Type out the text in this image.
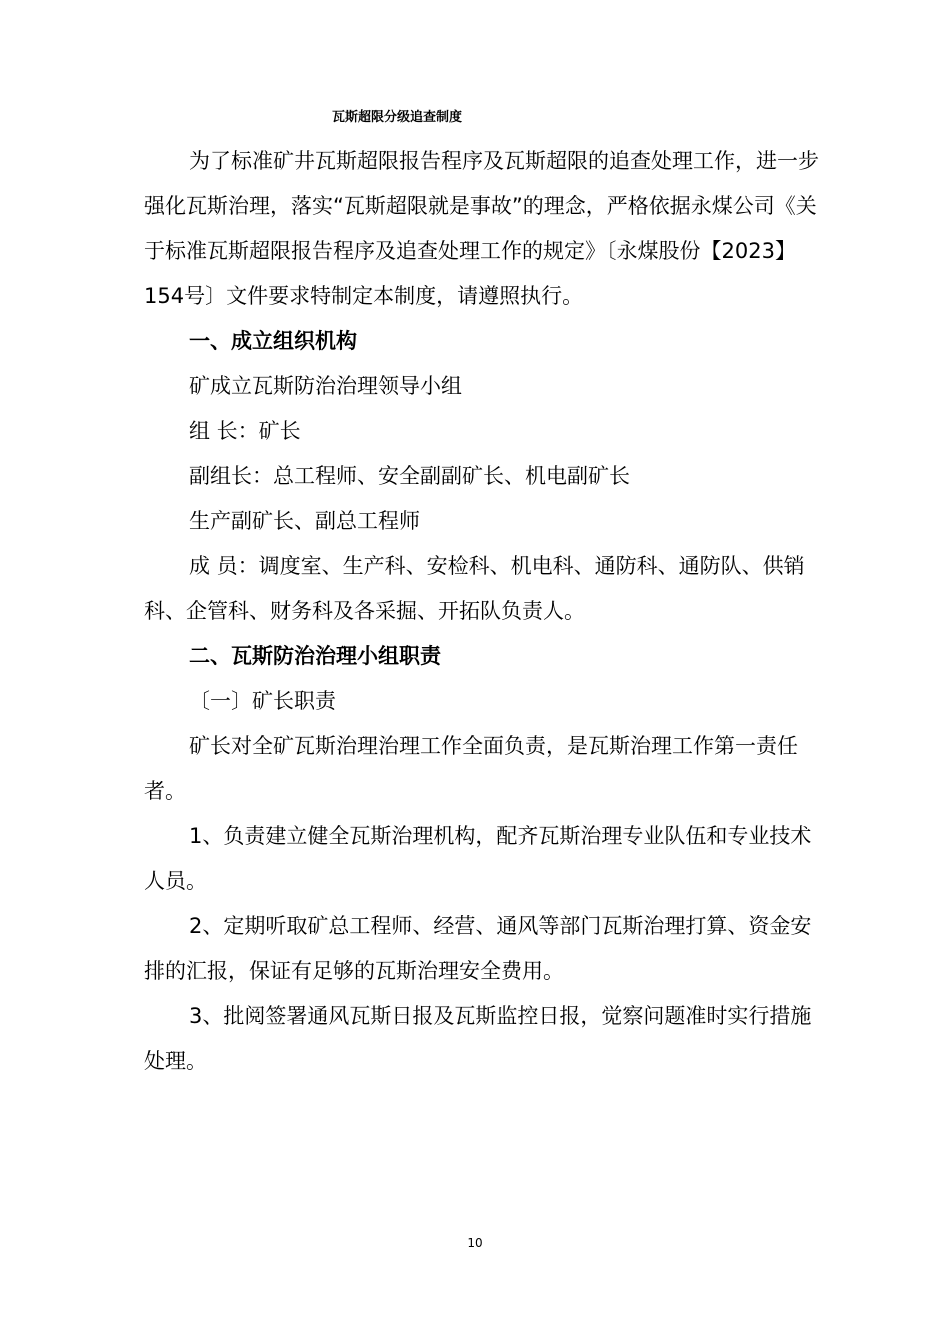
瓦斯超限分级追查制度

为了标准矿井瓦斯超限报告程序及瓦斯超限的追查处理工作，进一步强化瓦斯治理，落实“瓦斯超限就是事故”的理念，严格依据永煤公司《关于标准瓦斯超限报告程序及追查处理工作的规定》〔永煤股份【2023】154号〕文件要求特制定本制度，请遵照执行。

一、成立组织机构

矿成立瓦斯防治治理领导小组

组 长：矿长

副组长：总工程师、安全副副矿长、机电副矿长

生产副矿长、副总工程师

成 员：调度室、生产科、安检科、机电科、通防科、通防队、供销科、企管科、财务科及各采掘、开拓队负责人。

二、瓦斯防治治理小组职责

〔一〕矿长职责

矿长对全矿瓦斯治理治理工作全面负责，是瓦斯治理工作第一责任者。

1、负责建立健全瓦斯治理机构，配齐瓦斯治理专业队伍和专业技术人员。

2、定期听取矿总工程师、经营、通风等部门瓦斯治理打算、资金安排的汇报，保证有足够的瓦斯治理安全费用。

3、批阅签署通风瓦斯日报及瓦斯监控日报，觉察问题准时实行措施处理。

10
